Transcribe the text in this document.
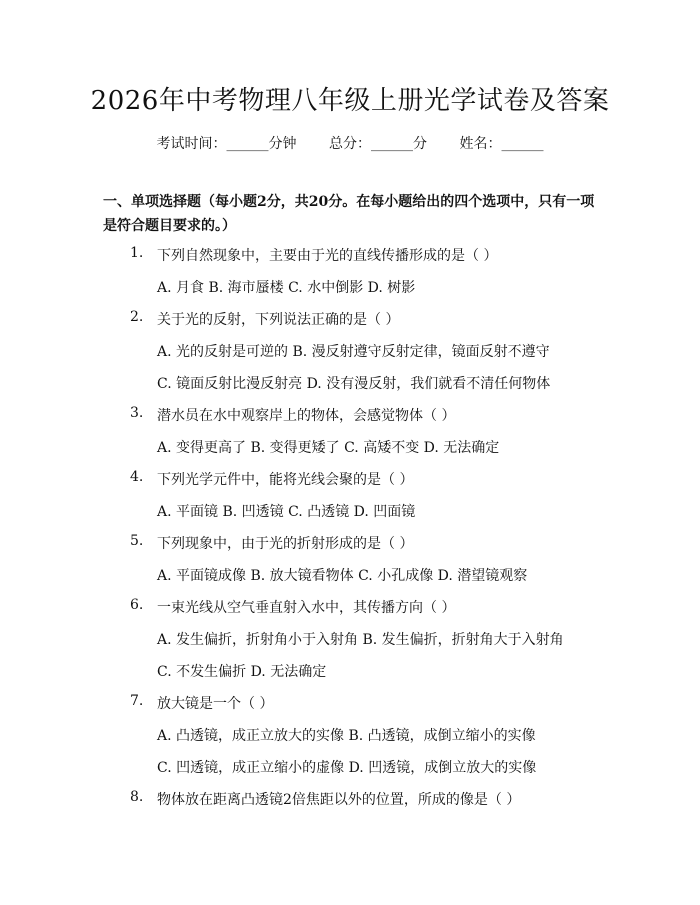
2026年中考物理八年级上册光学试卷及答案
考试时间：______分钟 总分：______分 姓名：______
一、单项选择题（每小题2分，共20分。在每小题给出的四个选项中，只有一项是符合题目要求的。）
1. 下列自然现象中，主要由于光的直线传播形成的是（ ）
A. 月食 B. 海市蜃楼 C. 水中倒影 D. 树影
2. 关于光的反射，下列说法正确的是（ ）
A. 光的反射是可逆的 B. 漫反射遵守反射定律，镜面反射不遵守
C. 镜面反射比漫反射亮 D. 没有漫反射，我们就看不清任何物体
3. 潜水员在水中观察岸上的物体，会感觉物体（ ）
A. 变得更高了 B. 变得更矮了 C. 高矮不变 D. 无法确定
4. 下列光学元件中，能将光线会聚的是（ ）
A. 平面镜 B. 凹透镜 C. 凸透镜 D. 凹面镜
5. 下列现象中，由于光的折射形成的是（ ）
A. 平面镜成像 B. 放大镜看物体 C. 小孔成像 D. 潜望镜观察
6. 一束光线从空气垂直射入水中，其传播方向（ ）
A. 发生偏折，折射角小于入射角 B. 发生偏折，折射角大于入射角
C. 不发生偏折 D. 无法确定
7. 放大镜是一个（ ）
A. 凸透镜，成正立放大的实像 B. 凸透镜，成倒立缩小的实像
C. 凹透镜，成正立缩小的虚像 D. 凹透镜，成倒立放大的实像
8. 物体放在距离凸透镜2倍焦距以外的位置，所成的像是（ ）
